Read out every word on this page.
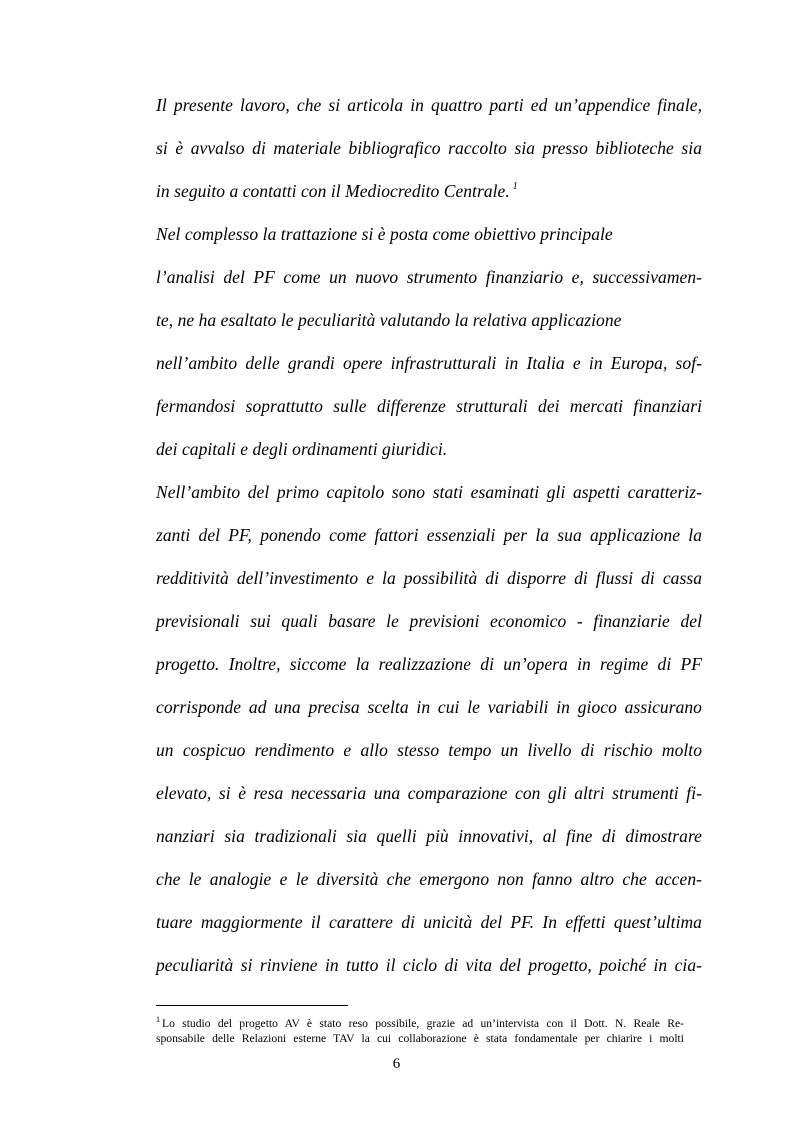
Il presente lavoro, che si articola in quattro parti ed un’appendice finale,
si è avvalso di materiale bibliografico raccolto sia presso biblioteche sia
in seguito a contatti con il Mediocredito Centrale. $^1$
Nel complesso la trattazione si è posta come obiettivo principale
l’analisi del PF come un nuovo strumento finanziario e, successivamen-
te, ne ha esaltato le peculiarità valutando la relativa applicazione
nell’ambito delle grandi opere infrastrutturali in Italia e in Europa, sof-
fermandosi soprattutto sulle differenze strutturali dei mercati finanziari
dei capitali e degli ordinamenti giuridici.
Nell’ambito del primo capitolo sono stati esaminati gli aspetti caratteriz-
zanti del PF, ponendo come fattori essenziali per la sua applicazione la
redditività dell’investimento e la possibilità di disporre di flussi di cassa
previsionali sui quali basare le previsioni economico - finanziarie del
progetto. Inoltre, siccome la realizzazione di un’opera in regime di PF
corrisponde ad una precisa scelta in cui le variabili in gioco assicurano
un cospicuo rendimento e allo stesso tempo un livello di rischio molto
elevato, si è resa necessaria una comparazione con gli altri strumenti fi-
nanziari sia tradizionali sia quelli più innovativi, al fine di dimostrare
che le analogie e le diversità che emergono non fanno altro che accen-
tuare maggiormente il carattere di unicità del PF. In effetti quest’ultima
peculiarità si rinviene in tutto il ciclo di vita del progetto, poiché in cia-
$^1$ Lo studio del progetto AV è stato reso possibile, grazie ad un’intervista con il Dott. N. Reale Re-
sponsabile delle Relazioni esterne TAV la cui collaborazione è stata fondamentale per chiarire i molti
6
